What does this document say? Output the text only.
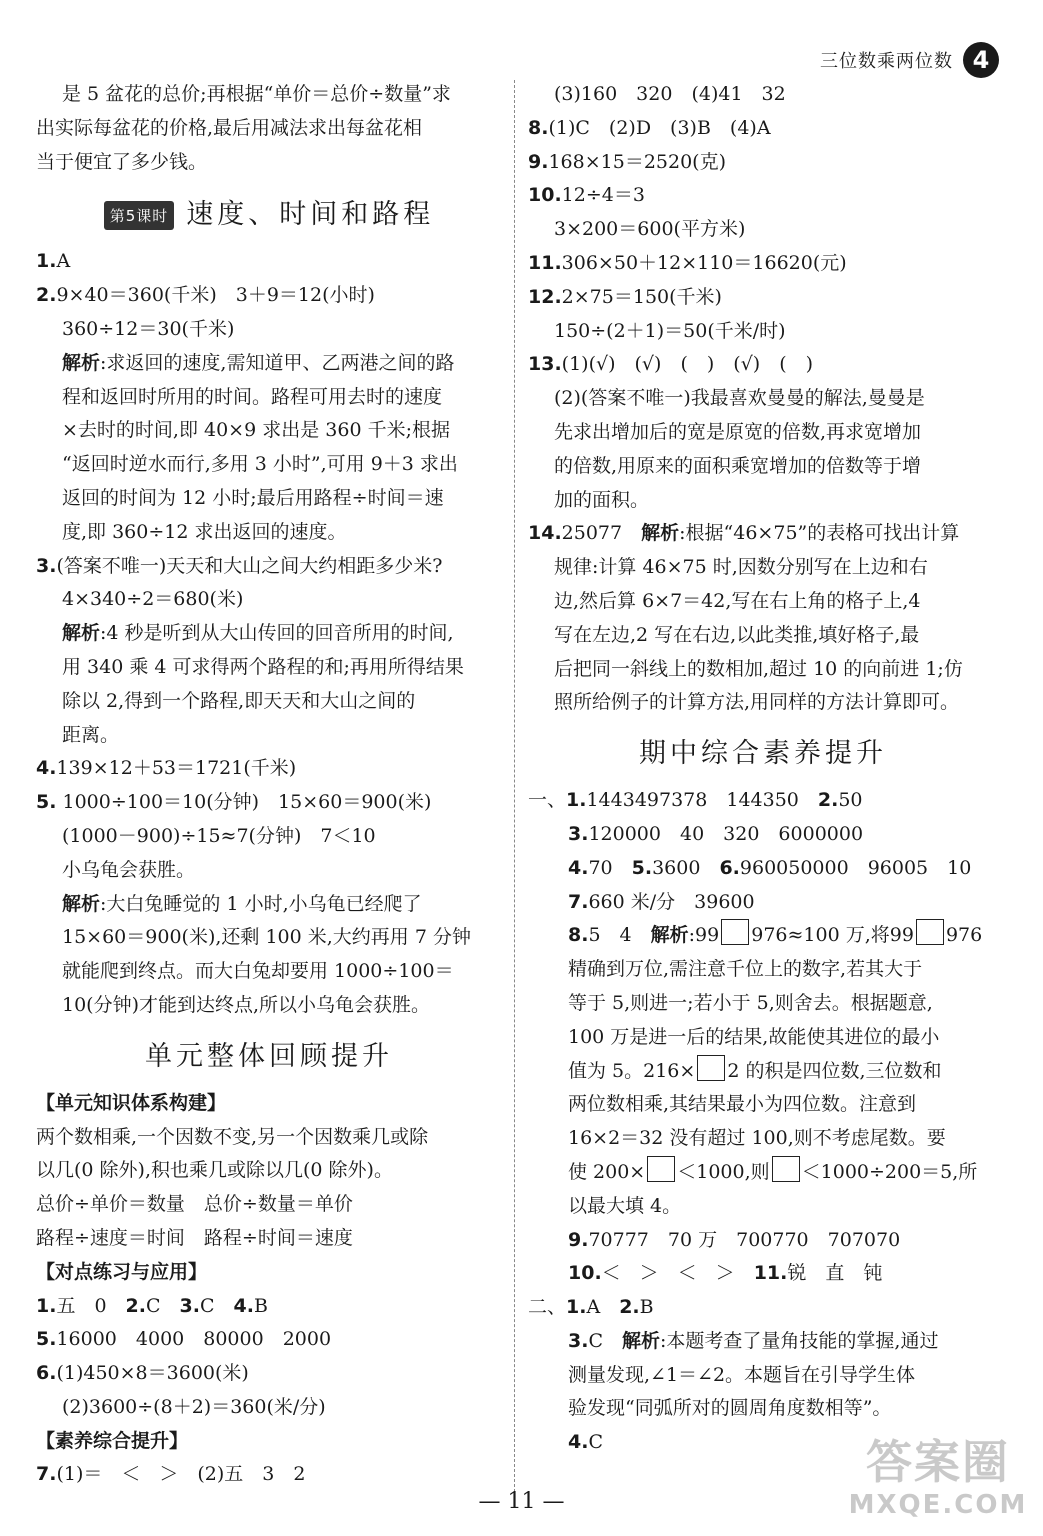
三位数乘两位数 4
是 5 盆花的总价;再根据“单价＝总价÷数量”求
出实际每盆花的价格,最后用减法求出每盆花相
当于便宜了多少钱。
第5课时 速度、时间和路程
1.A
2.9×40＝360(千米)　3＋9＝12(小时)
360÷12＝30(千米)
解析:求返回的速度,需知道甲、乙两港之间的路
程和返回时所用的时间。路程可用去时的速度
×去时的时间,即 40×9 求出是 360 千米;根据
“返回时逆水而行,多用 3 小时”,可用 9＋3 求出
返回的时间为 12 小时;最后用路程÷时间＝速
度,即 360÷12 求出返回的速度。
3.(答案不唯一)天天和大山之间大约相距多少米?
4×340÷2＝680(米)
解析:4 秒是听到从大山传回的回音所用的时间,
用 340 乘 4 可求得两个路程的和;再用所得结果
除以 2,得到一个路程,即天天和大山之间的
距离。
4.139×12＋53＝1721(千米)
5. 1000÷100＝10(分钟)　15×60＝900(米)
(1000－900)÷15≈7(分钟)　7＜10
小乌龟会获胜。
解析:大白兔睡觉的 1 小时,小乌龟已经爬了
15×60＝900(米),还剩 100 米,大约再用 7 分钟
就能爬到终点。而大白兔却要用 1000÷100＝
10(分钟)才能到达终点,所以小乌龟会获胜。
单元整体回顾提升
【单元知识体系构建】
两个数相乘,一个因数不变,另一个因数乘几或除
以几(0 除外),积也乘几或除以几(0 除外)。
总价÷单价＝数量　总价÷数量＝单价
路程÷速度＝时间　路程÷时间＝速度
【对点练习与应用】
1.五　0　2.C　3.C　4.B
5.16000　4000　80000　2000
6.(1)450×8＝3600(米)
(2)3600÷(8＋2)＝360(米/分)
【素养综合提升】
7.(1)＝　＜　＞　(2)五　3　2
(3)160　320　(4)41　32
8.(1)C　(2)D　(3)B　(4)A
9.168×15＝2520(克)
10.12÷4＝3
3×200＝600(平方米)
11.306×50＋12×110＝16620(元)
12.2×75＝150(千米)
150÷(2＋1)＝50(千米/时)
13.(1)(√)　(√)　(　)　(√)　(　)
(2)(答案不唯一)我最喜欢曼曼的解法,曼曼是
先求出增加后的宽是原宽的倍数,再求宽增加
的倍数,用原来的面积乘宽增加的倍数等于增
加的面积。
14.25077　解析:根据“46×75”的表格可找出计算
规律:计算 46×75 时,因数分别写在上边和右
边,然后算 6×7＝42,写在右上角的格子上,4
写在左边,2 写在右边,以此类推,填好格子,最
后把同一斜线上的数相加,超过 10 的向前进 1;仿
照所给例子的计算方法,用同样的方法计算即可。
期中综合素养提升
一、1.1443497378　144350　2.50
3.120000　40　320　6000000
4.70　5.3600　6.960050000　96005　10
7.660 米/分　39600
8.5　4　解析:99 976≈100 万,将99 976
精确到万位,需注意千位上的数字,若其大于
等于 5,则进一;若小于 5,则舍去。根据题意,
100 万是进一后的结果,故能使其进位的最小
值为 5。216× 2 的积是四位数,三位数和
两位数相乘,其结果最小为四位数。注意到
16×2＝32 没有超过 100,则不考虑尾数。要
使 200× ＜1000,则 ＜1000÷200＝5,所
以最大填 4。
9.70777　70 万　700770　707070
10.＜　＞　＜　＞　11.锐　直　钝
二、1.A　2.B
3.C　解析:本题考查了量角技能的掌握,通过
测量发现,∠1＝∠2。本题旨在引导学生体
验发现“同弧所对的圆周角度数相等”。
4.C
— 11 —
答案圈
MXQE.COM
